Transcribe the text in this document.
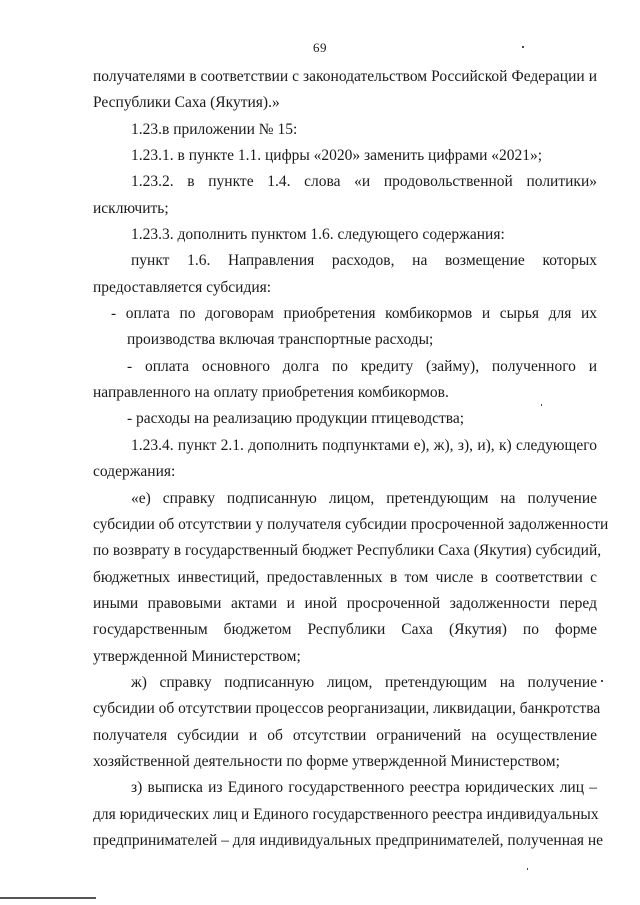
69
получателями в соответствии с законодательством Российской Федерации и
Республики Саха (Якутия).»
1.23.в приложении № 15:
1.23.1. в пункте 1.1. цифры «2020» заменить цифрами «2021»;
1.23.2. в пункте 1.4. слова «и продовольственной политики»
исключить;
1.23.3. дополнить пунктом 1.6. следующего содержания:
пункт 1.6. Направления расходов, на возмещение которых
предоставляется субсидия:
- оплата по договорам приобретения комбикормов и сырья для их
производства включая транспортные расходы;
- оплата основного долга по кредиту (займу), полученного и
направленного на оплату приобретения комбикормов.
- расходы на реализацию продукции птицеводства;
1.23.4. пункт 2.1. дополнить подпунктами е), ж), з), и), к) следующего
содержания:
«е) справку подписанную лицом, претендующим на получение
субсидии об отсутствии у получателя субсидии просроченной задолженности
по возврату в государственный бюджет Республики Саха (Якутия) субсидий,
бюджетных инвестиций, предоставленных в том числе в соответствии с
иными правовыми актами и иной просроченной задолженности перед
государственным бюджетом Республики Саха (Якутия) по форме
утвержденной Министерством;
ж) справку подписанную лицом, претендующим на получение
субсидии об отсутствии процессов реорганизации, ликвидации, банкротства
получателя субсидии и об отсутствии ограничений на осуществление
хозяйственной деятельности по форме утвержденной Министерством;
з) выписка из Единого государственного реестра юридических лиц –
для юридических лиц и Единого государственного реестра индивидуальных
предпринимателей – для индивидуальных предпринимателей, полученная не
